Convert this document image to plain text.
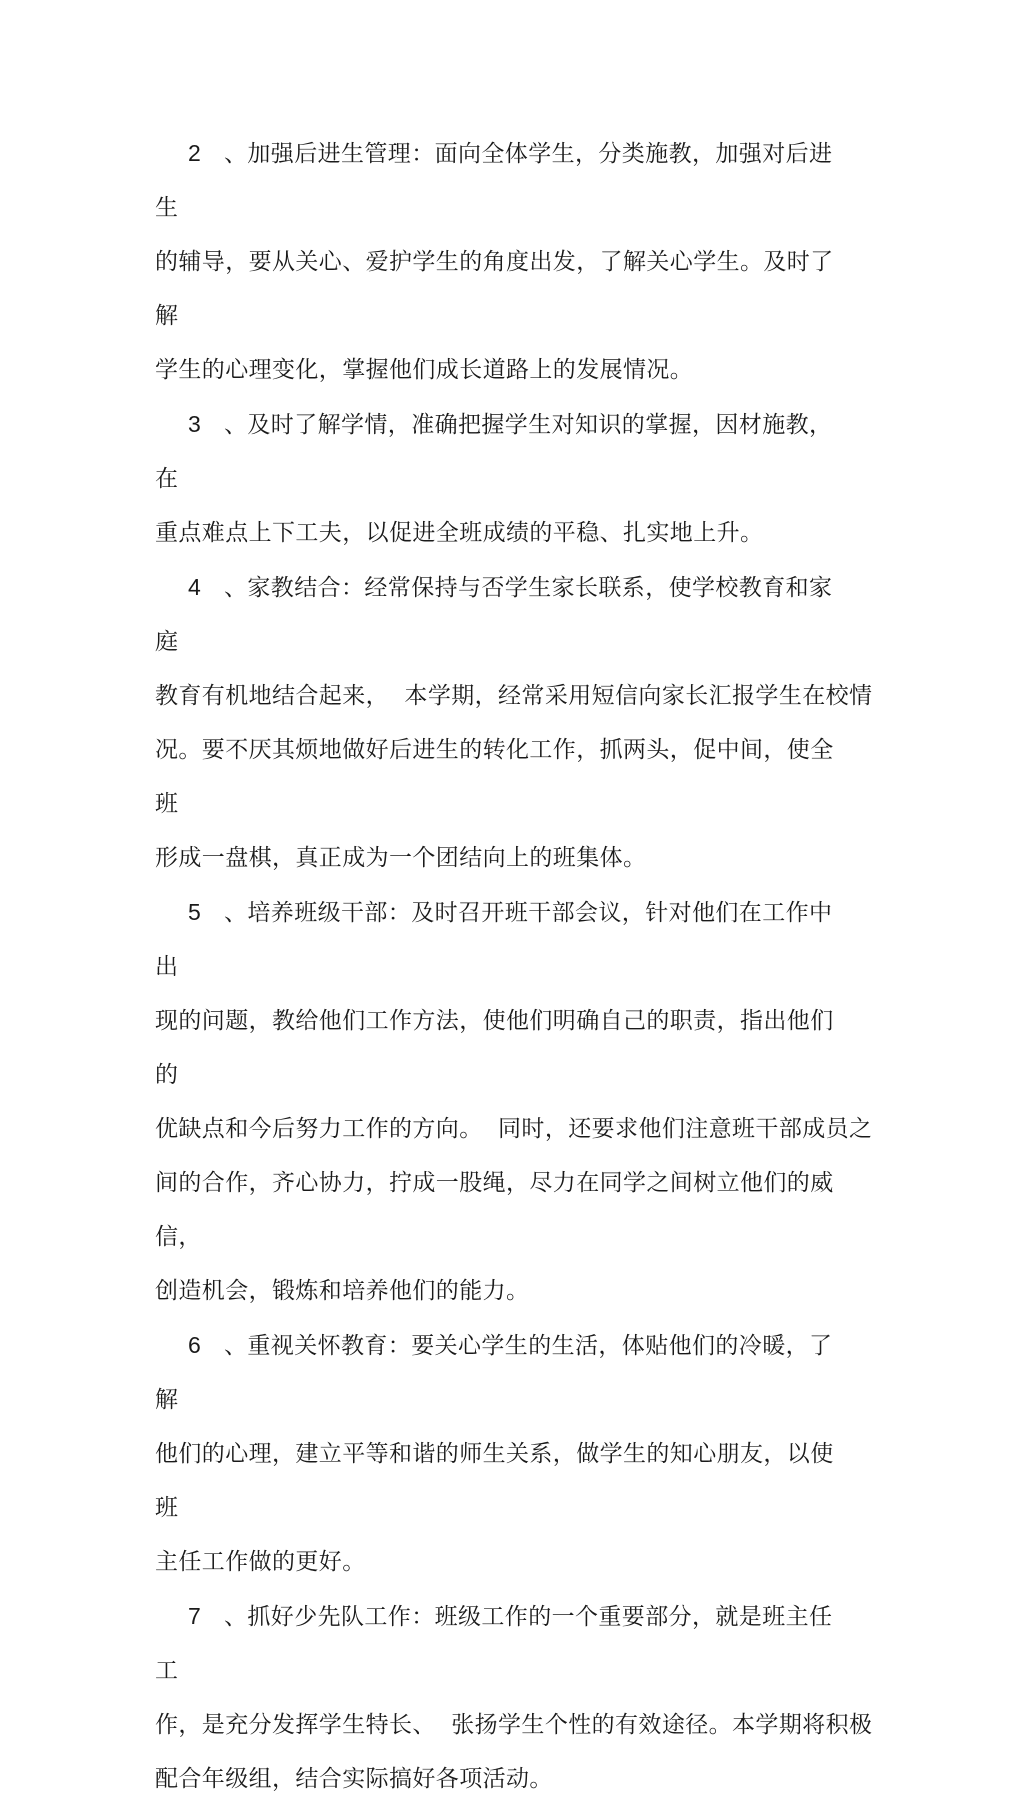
2 、加强后进生管理：面向全体学生，分类施教，加强对后进生
的辅导，要从关心、爱护学生的角度出发，了解关心学生。及时了解
学生的心理变化，掌握他们成长道路上的发展情况。
3 、及时了解学情，准确把握学生对知识的掌握，因材施教，在
重点难点上下工夫，以促进全班成绩的平稳、扎实地上升。
4 、家教结合：经常保持与否学生家长联系，使学校教育和家庭
教育有机地结合起来，  本学期，经常采用短信向家长汇报学生在校情
况。要不厌其烦地做好后进生的转化工作，抓两头，促中间，使全班
形成一盘棋，真正成为一个团结向上的班集体。
5 、培养班级干部：及时召开班干部会议，针对他们在工作中出
现的问题，教给他们工作方法，使他们明确自己的职责，指出他们的
优缺点和今后努力工作的方向。  同时，还要求他们注意班干部成员之
间的合作，齐心协力，拧成一股绳，尽力在同学之间树立他们的威信，
创造机会，锻炼和培养他们的能力。
6 、重视关怀教育：要关心学生的生活，体贴他们的冷暖，了解
他们的心理，建立平等和谐的师生关系，做学生的知心朋友，以使班
主任工作做的更好。
7 、抓好少先队工作：班级工作的一个重要部分，就是班主任工
作，是充分发挥学生特长、  张扬学生个性的有效途径。本学期将积极
配合年级组，结合实际搞好各项活动。
